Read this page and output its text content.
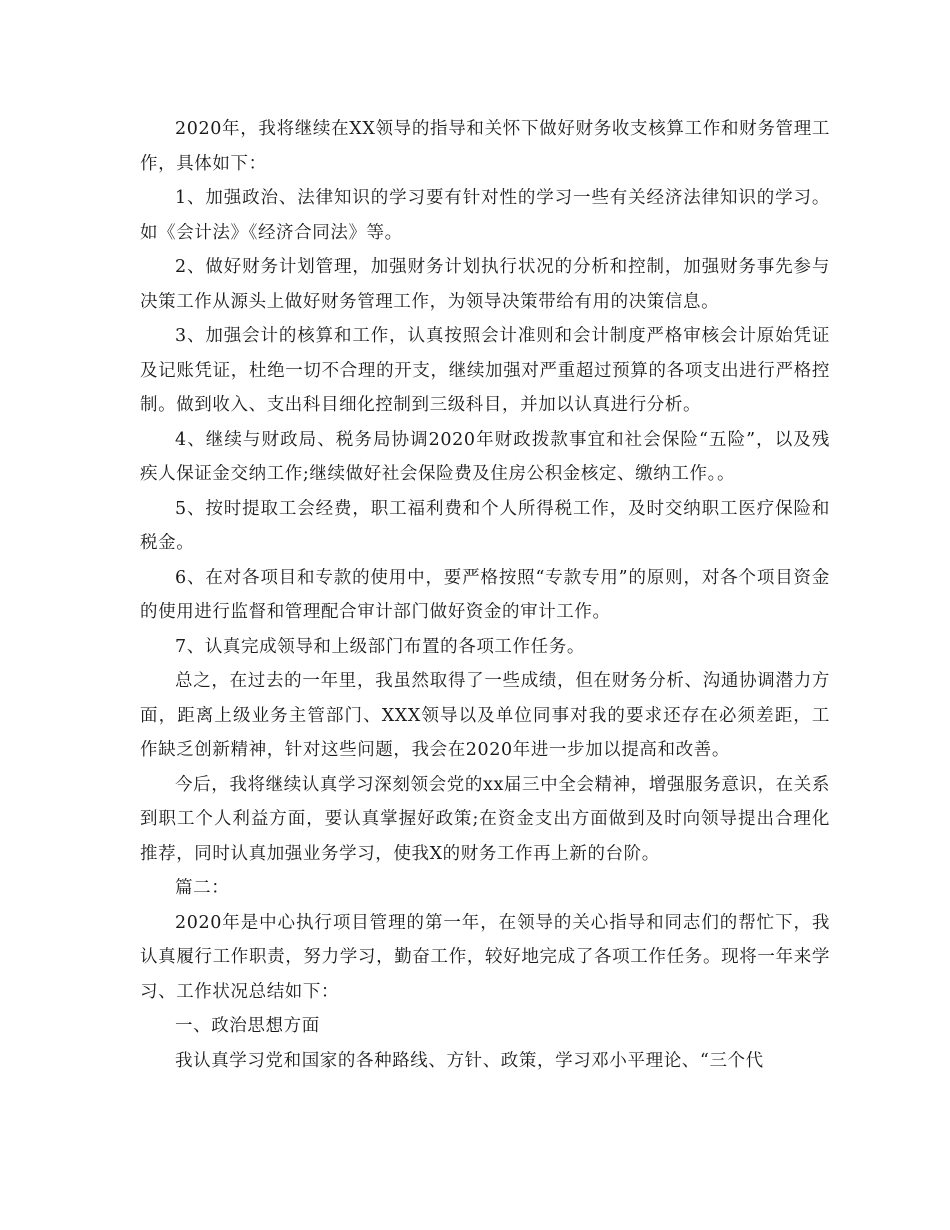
2020年，我将继续在XX领导的指导和关怀下做好财务收支核算工作和财务管理工作，具体如下：

1、加强政治、法律知识的学习要有针对性的学习一些有关经济法律知识的学习。如《会计法》《经济合同法》等。

2、做好财务计划管理，加强财务计划执行状况的分析和控制，加强财务事先参与决策工作从源头上做好财务管理工作，为领导决策带给有用的决策信息。

3、加强会计的核算和工作，认真按照会计准则和会计制度严格审核会计原始凭证及记账凭证，杜绝一切不合理的开支，继续加强对严重超过预算的各项支出进行严格控制。做到收入、支出科目细化控制到三级科目，并加以认真进行分析。

4、继续与财政局、税务局协调2020年财政拨款事宜和社会保险“五险”，以及残疾人保证金交纳工作;继续做好社会保险费及住房公积金核定、缴纳工作。。

5、按时提取工会经费，职工福利费和个人所得税工作，及时交纳职工医疗保险和税金。

6、在对各项目和专款的使用中，要严格按照“专款专用”的原则，对各个项目资金的使用进行监督和管理配合审计部门做好资金的审计工作。

7、认真完成领导和上级部门布置的各项工作任务。

总之，在过去的一年里，我虽然取得了一些成绩，但在财务分析、沟通协调潜力方面，距离上级业务主管部门、XXX领导以及单位同事对我的要求还存在必须差距，工作缺乏创新精神，针对这些问题，我会在2020年进一步加以提高和改善。

今后，我将继续认真学习深刻领会党的xx届三中全会精神，增强服务意识，在关系到职工个人利益方面，要认真掌握好政策;在资金支出方面做到及时向领导提出合理化推荐，同时认真加强业务学习，使我X的财务工作再上新的台阶。

篇二：

2020年是中心执行项目管理的第一年，在领导的关心指导和同志们的帮忙下，我认真履行工作职责，努力学习，勤奋工作，较好地完成了各项工作任务。现将一年来学习、工作状况总结如下：

一、政治思想方面

我认真学习党和国家的各种路线、方针、政策，学习邓小平理论、“三个代
